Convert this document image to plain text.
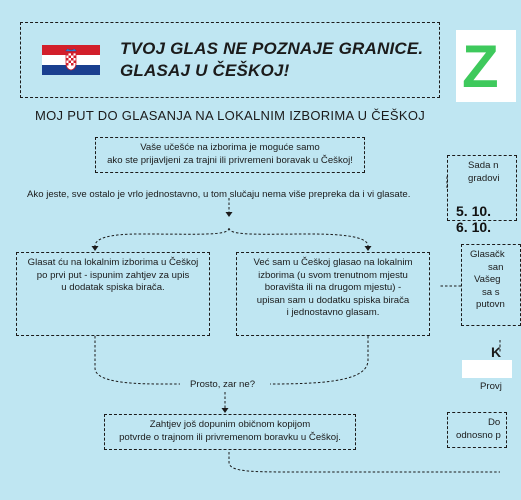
TVOJ GLAS NE POZNAJE GRANICE.
GLASAJ U ČEŠKOJ!	Z
MOJ PUT DO GLASANJA NA LOKALNIM IZBORIMA U ČEŠKOJ
Vaše učešće na izborima je moguće samo
ako ste prijavljeni za trajni ili privremeni boravak u Češkoj!
Ako jeste, sve ostalo je vrlo jednostavno, u tom slučaju nema više prepreka da i vi glasate.
Glasat ću na lokalnim izborima u Češkoj
po prvi put - ispunim zahtjev za upis
u dodatak spiska birača.
Već sam u Češkoj glasao na lokalnim
izborima (u svom trenutnom mjestu
boravišta ili na drugom mjestu) -
upisan sam u dodatku spiska birača
i jednostavno glasam.
Prosto, zar ne?
Zahtjev još dopunim običnom kopijom
potvrde o trajnom ili privremenom boravku u Češkoj.
Sada n
gradovi
5. 10.
6. 10.
Glasačk
san
Vašeg
sa s
putovn
K
Provj
Do
odnosno p
